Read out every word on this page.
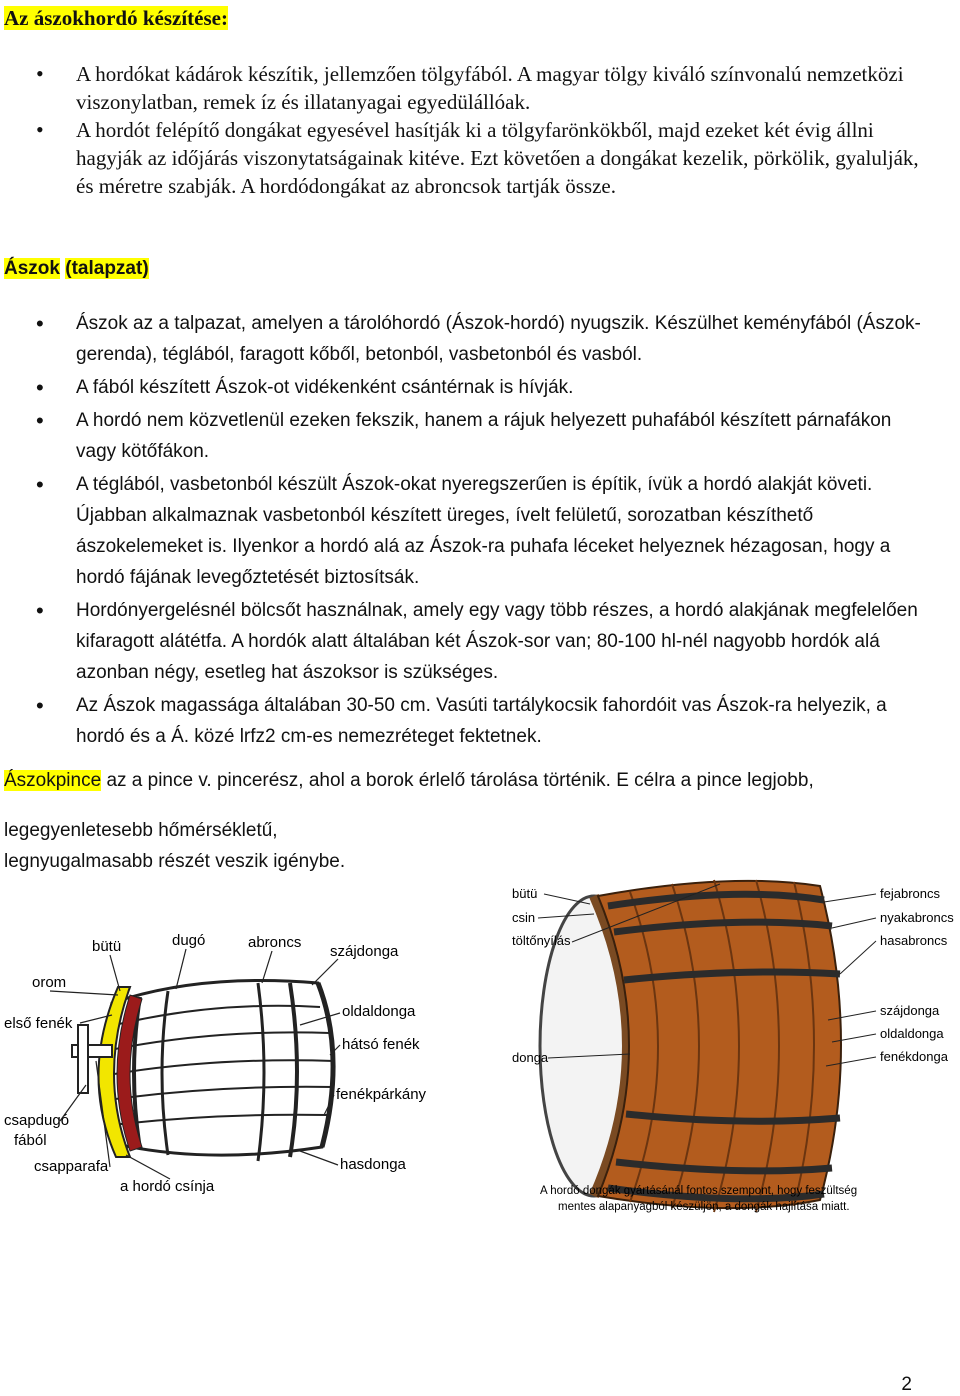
Az ászokhordó készítése:
• A hordókat kádárok készítik, jellemzően tölgyfából. A magyar tölgy kiváló színvonalú nemzetközi viszonylatban, remek íz és illatanyagai egyedülállóak.
• A hordót felépítő dongákat egyesével hasítják ki a tölgyfarönkökből, majd ezeket két évig állni hagyják az időjárás viszonytatságainak kitéve. Ezt követően a dongákat kezelik, pörkölik, gyalulják, és méretre szabják. A hordódongákat az abroncsok tartják össze.
Ászok (talapzat)
• Ászok az a talpazat, amelyen a tárolóhordó (Ászok-hordó) nyugszik. Készülhet keményfából (Ászok-gerenda), téglából, faragott kőből, betonból, vasbetonból és vasból.
• A fából készített Ászok-ot vidékenként csántérnak is hívják.
• A hordó nem közvetlenül ezeken fekszik, hanem a rájuk helyezett puhafából készített párnafákon vagy kötőfákon.
• A téglából, vasbetonból készült Ászok-okat nyeregszerűen is építik, ívük a hordó alakját követi. Újabban alkalmaznak vasbetonból készített üreges, ívelt felületű, sorozatban készíthető ászokelemeket is. Ilyenkor a hordó alá az Ászok-ra puhafa léceket helyeznek hézagosan, hogy a hordó fájának levegőztetését biztosítsák.
• Hordónyergelésnél bölcsőt használnak, amely egy vagy több részes, a hordó alakjának megfelelően kifaragott alátétfa. A hordók alatt általában két Ászok-sor van; 80-100 hl-nél nagyobb hordók alá azonban négy, esetleg hat ászoksor is szükséges.
• Az Ászok magassága általában 30-50 cm. Vasúti tartálykocsik fahordóit vas Ászok-ra helyezik, a hordó és a Á. közé lrfz2 cm-es nemezréteget fektetnek.
Ászokpince az a pince v. pincerész, ahol a borok érlelő tárolása történik. E célra a pince legjobb,
legegyenletesebb hőmérsékletű,
legnyugalmasabb részét veszik igénybe.
bütü	dugó	abroncs
szájdonga
orom
első fenék
oldaldonga
hátsó fenék
fenékpárkány
csapdugó
fából
csapparafa	hasdonga
a hordó csínja
bütü
csin
töltőnyílás
fejabroncs
nyakabroncs
hasabroncs
szájdonga
oldaldonga
fenékdonga
donga
A hordó dongák gyártásánál fontos szempont, hogy feszültség
mentes alapanyagból készüljön, a dongák hajlítása miatt.
2
